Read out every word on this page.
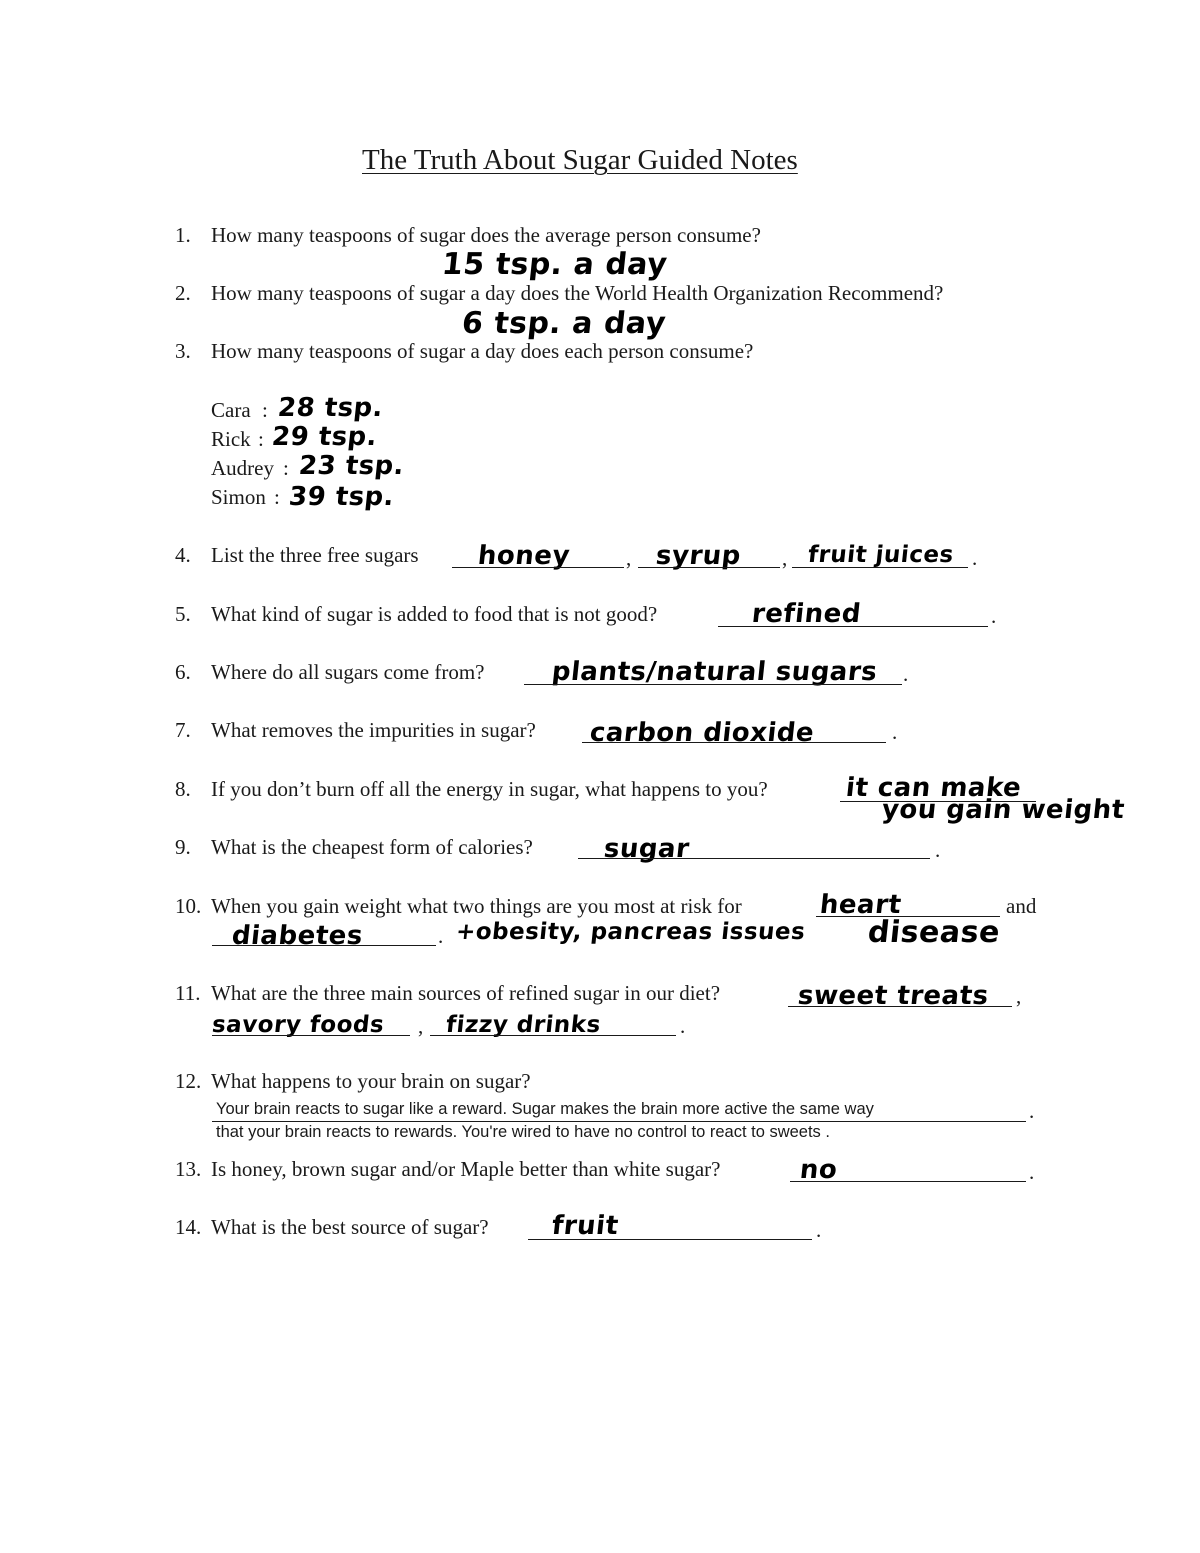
The Truth About Sugar Guided Notes
1. How many teaspoons of sugar does the average person consume?
15 tsp. a day
2. How many teaspoons of sugar a day does the World Health Organization Recommend?
6 tsp. a day
3. How many teaspoons of sugar a day does each person consume?
Cara : 28 tsp.
Rick : 29 tsp.
Audrey : 23 tsp.
Simon : 39 tsp.
4. List the three free sugars honey	, syrup , fruit juices .
5. What kind of sugar is added to food that is not good?	refined	.
6. Where do all sugars come from?	plants/natural sugars .
7. What removes the impurities in sugar? carbon dioxide	.
8. If you don’t burn off all the energy in sugar, what happens to you?	it can make
you gain weight
9. What is the cheapest form of calories?	sugar	.
10. When you gain weight what two things are you most at risk for	heart	and
diabetes	. +obesity, pancreas issues disease
11. What are the three main sources of refined sugar in our diet?	sweet treats ,
savory foods , fizzy drinks	.
12. What happens to your brain on sugar?
Your brain reacts to sugar like a reward. Sugar makes the brain more active the same way	.
that your brain reacts to rewards. You're wired to have no control to react to sweets .
13. Is honey, brown sugar and/or Maple better than white sugar?	no	.
14. What is the best source of sugar? fruit	.
